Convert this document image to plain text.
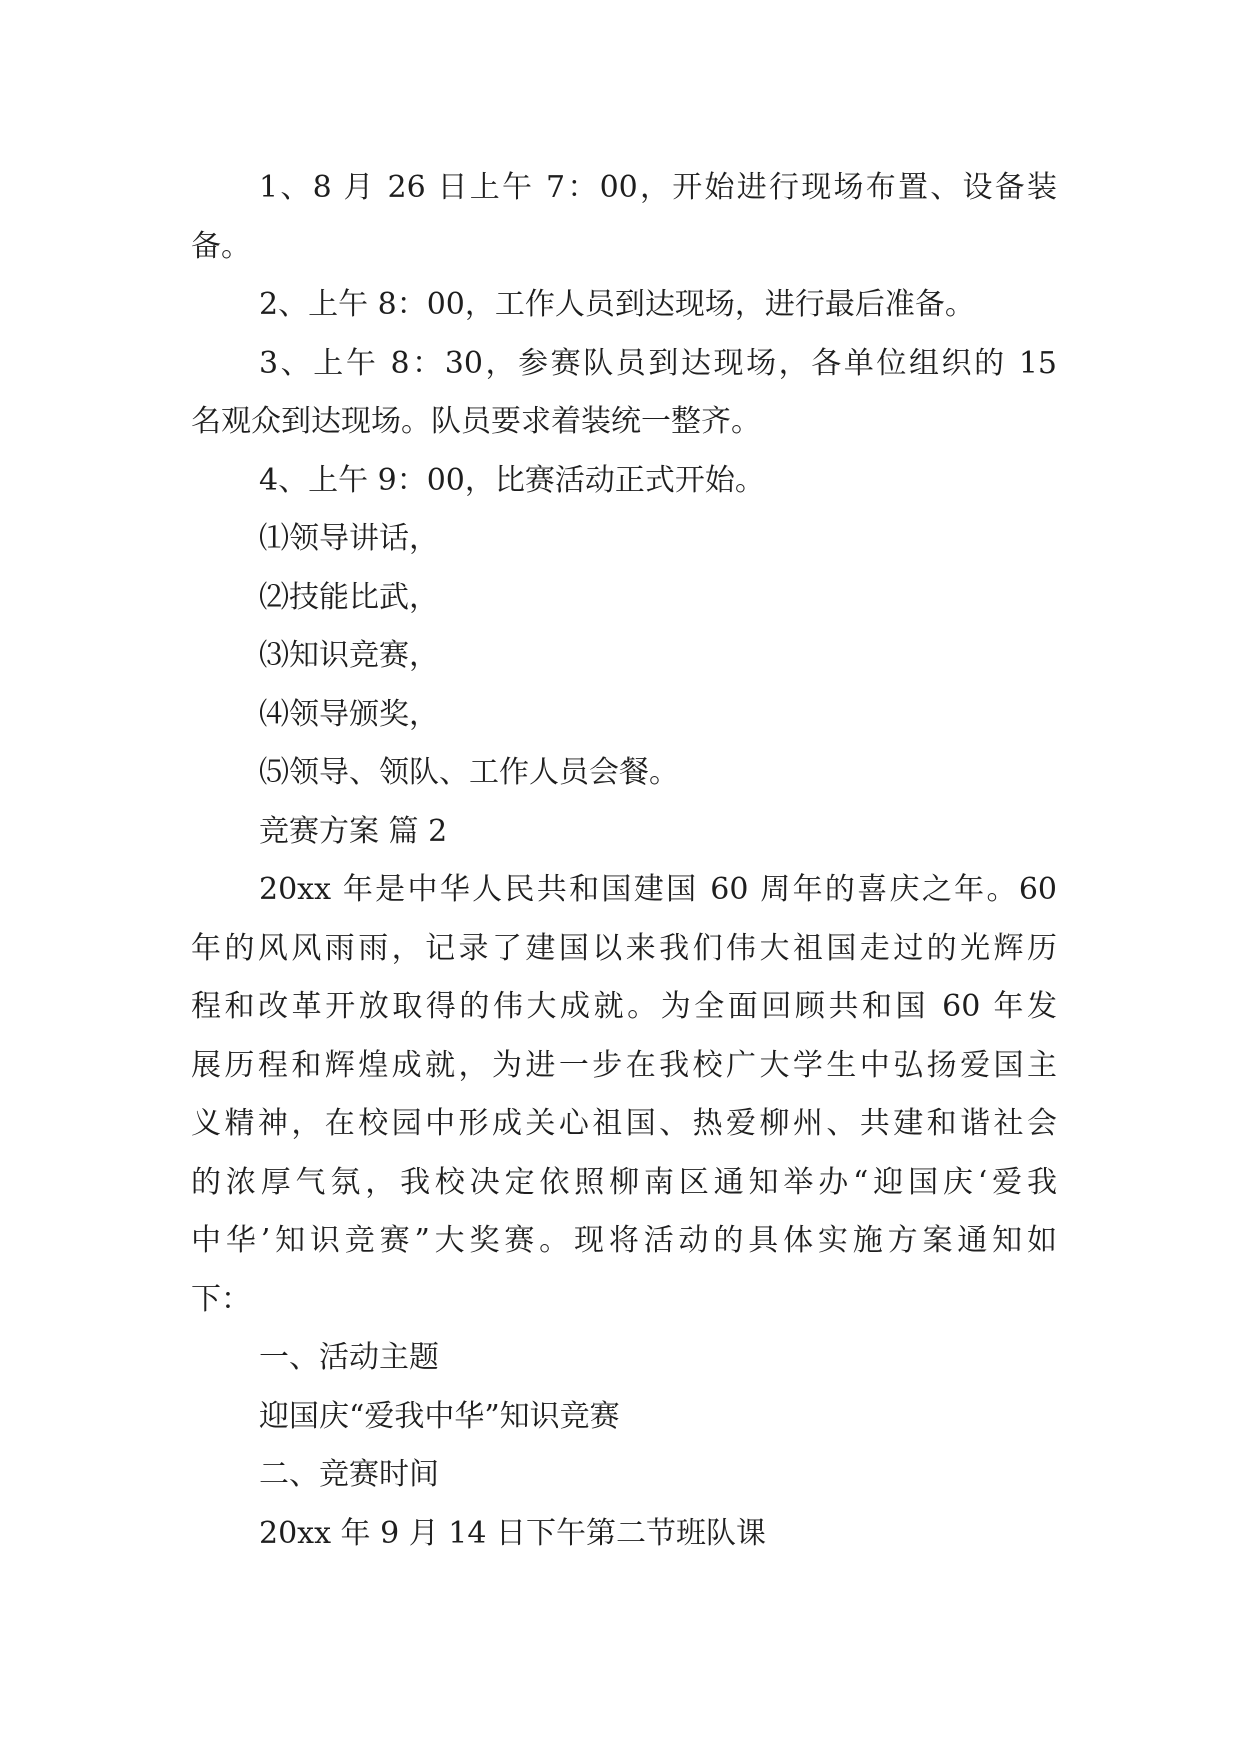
1、8 月 26 日上午 7：00，开始进行现场布置、设备装
备。
2、上午 8：00，工作人员到达现场，进行最后准备。
3、上午 8：30，参赛队员到达现场，各单位组织的 15
名观众到达现场。队员要求着装统一整齐。
4、上午 9：00，比赛活动正式开始。
⑴领导讲话，
⑵技能比武，
⑶知识竞赛，
⑷领导颁奖，
⑸领导、领队、工作人员会餐。
竞赛方案 篇 2
20xx 年是中华人民共和国建国 60 周年的喜庆之年。60
年的风风雨雨，记录了建国以来我们伟大祖国走过的光辉历
程和改革开放取得的伟大成就。为全面回顾共和国 60 年发
展历程和辉煌成就，为进一步在我校广大学生中弘扬爱国主
义精神，在校园中形成关心祖国、热爱柳州、共建和谐社会
的浓厚气氛，我校决定依照柳南区通知举办“迎国庆‘爱我
中华’知识竞赛”大奖赛。现将活动的具体实施方案通知如
下：
一、活动主题
迎国庆“爱我中华”知识竞赛
二、竞赛时间
20xx 年 9 月 14 日下午第二节班队课
